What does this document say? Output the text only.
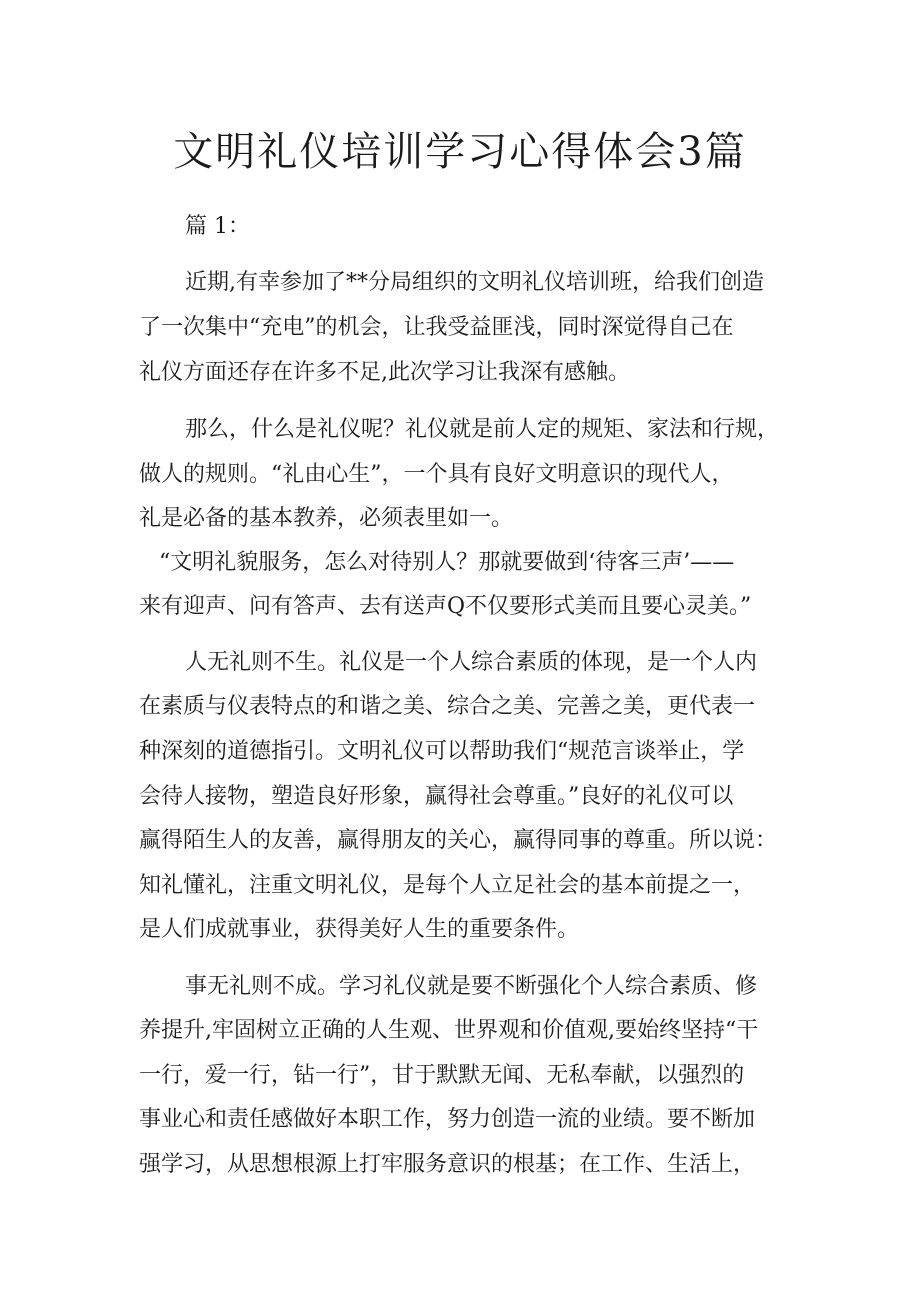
文明礼仪培训学习心得体会3篇
篇 1：
近期,有幸参加了**分局组织的文明礼仪培训班，给我们创造
了一次集中“充电”的机会，让我受益匪浅，同时深觉得自己在
礼仪方面还存在许多不足,此次学习让我深有感触。
那么，什么是礼仪呢？礼仪就是前人定的规矩、家法和行规，
做人的规则。“礼由心生”，一个具有良好文明意识的现代人，
礼是必备的基本教养，必须表里如一。
“文明礼貌服务，怎么对待别人？那就要做到‘待客三声’——
来有迎声、问有答声、去有送声Q不仅要形式美而且要心灵美。”
人无礼则不生。礼仪是一个人综合素质的体现，是一个人内
在素质与仪表特点的和谐之美、综合之美、完善之美，更代表一
种深刻的道德指引。文明礼仪可以帮助我们“规范言谈举止，学
会待人接物，塑造良好形象，赢得社会尊重。”良好的礼仪可以
赢得陌生人的友善，赢得朋友的关心，赢得同事的尊重。所以说：
知礼懂礼，注重文明礼仪，是每个人立足社会的基本前提之一，
是人们成就事业，获得美好人生的重要条件。
事无礼则不成。学习礼仪就是要不断强化个人综合素质、修
养提升,牢固树立正确的人生观、世界观和价值观,要始终坚持“干
一行，爱一行，钻一行”，甘于默默无闻、无私奉献，以强烈的
事业心和责任感做好本职工作，努力创造一流的业绩。要不断加
强学习，从思想根源上打牢服务意识的根基；在工作、生活上，
